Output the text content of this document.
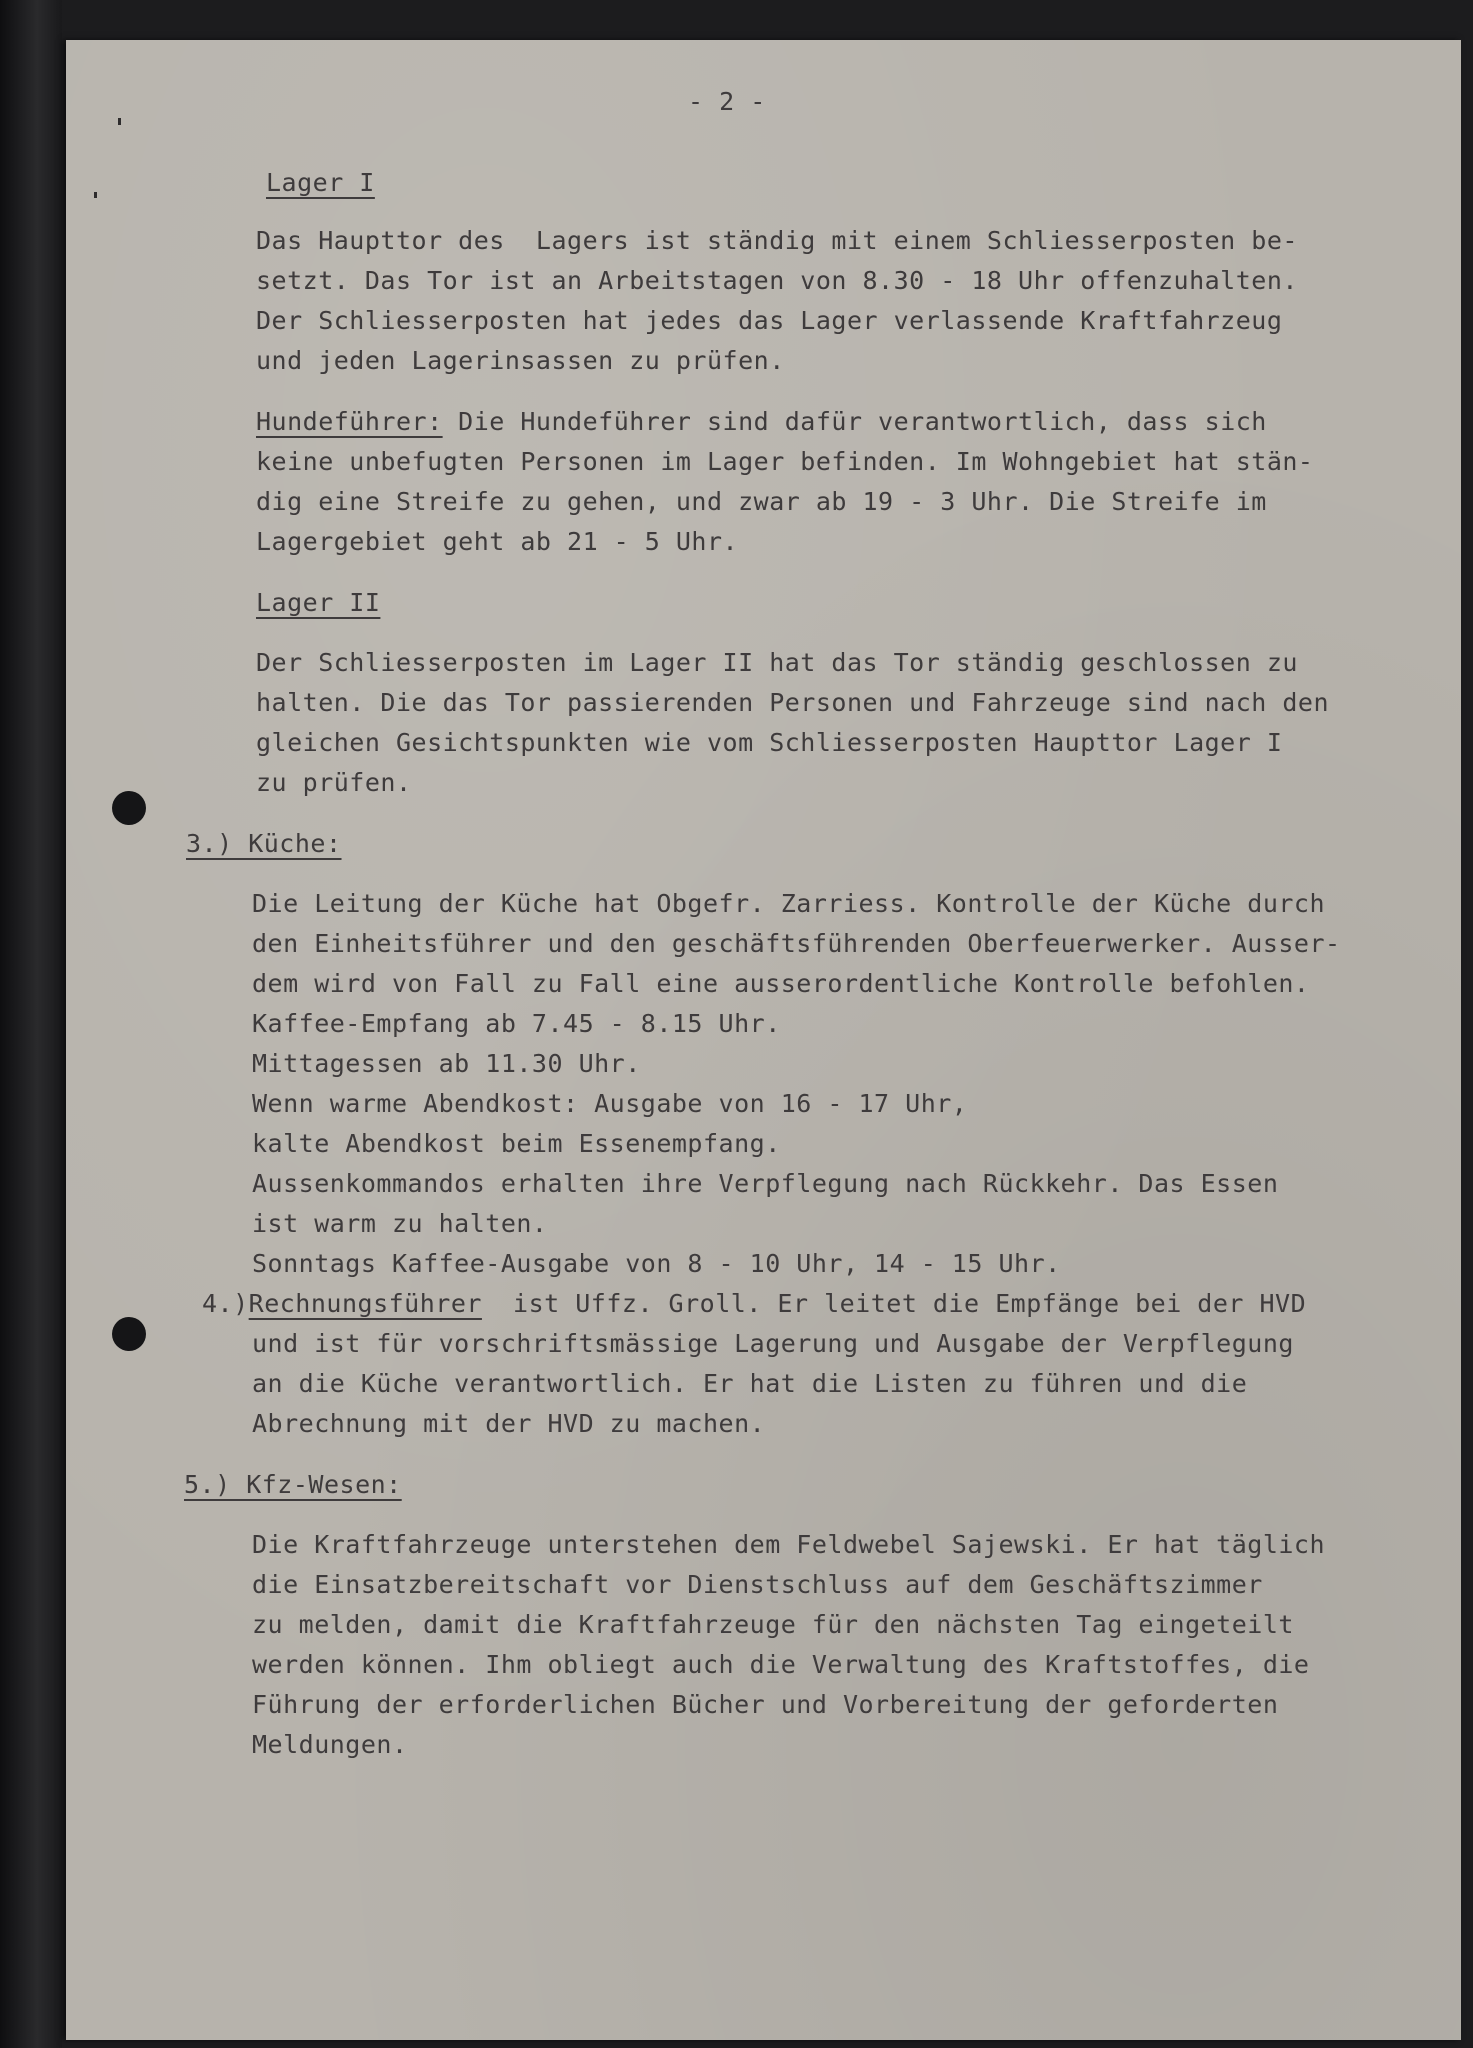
- 2 -
Lager I
Das Haupttor des  Lagers ist ständig mit einem Schliesserposten be-
setzt. Das Tor ist an Arbeitstagen von 8.30 - 18 Uhr offenzuhalten.
Der Schliesserposten hat jedes das Lager verlassende Kraftfahrzeug
und jeden Lagerinsassen zu prüfen.
Hundeführer: Die Hundeführer sind dafür verantwortlich, dass sich
keine unbefugten Personen im Lager befinden. Im Wohngebiet hat stän-
dig eine Streife zu gehen, und zwar ab 19 - 3 Uhr. Die Streife im
Lagergebiet geht ab 21 - 5 Uhr.
Lager II
Der Schliesserposten im Lager II hat das Tor ständig geschlossen zu
halten. Die das Tor passierenden Personen und Fahrzeuge sind nach den
gleichen Gesichtspunkten wie vom Schliesserposten Haupttor Lager I
zu prüfen.
3.) Küche:
Die Leitung der Küche hat Obgefr. Zarriess. Kontrolle der Küche durch
den Einheitsführer und den geschäftsführenden Oberfeuerwerker. Ausser-
dem wird von Fall zu Fall eine ausserordentliche Kontrolle befohlen.
Kaffee-Empfang ab 7.45 - 8.15 Uhr.
Mittagessen ab 11.30 Uhr.
Wenn warme Abendkost: Ausgabe von 16 - 17 Uhr,
kalte Abendkost beim Essenempfang.
Aussenkommandos erhalten ihre Verpflegung nach Rückkehr. Das Essen
ist warm zu halten.
Sonntags Kaffee-Ausgabe von 8 - 10 Uhr, 14 - 15 Uhr.
4.)Rechnungsführer  ist Uffz. Groll. Er leitet die Empfänge bei der HVD
und ist für vorschriftsmässige Lagerung und Ausgabe der Verpflegung
an die Küche verantwortlich. Er hat die Listen zu führen und die
Abrechnung mit der HVD zu machen.
5.) Kfz-Wesen:
Die Kraftfahrzeuge unterstehen dem Feldwebel Sajewski. Er hat täglich
die Einsatzbereitschaft vor Dienstschluss auf dem Geschäftszimmer
zu melden, damit die Kraftfahrzeuge für den nächsten Tag eingeteilt
werden können. Ihm obliegt auch die Verwaltung des Kraftstoffes, die
Führung der erforderlichen Bücher und Vorbereitung der geforderten
Meldungen.
